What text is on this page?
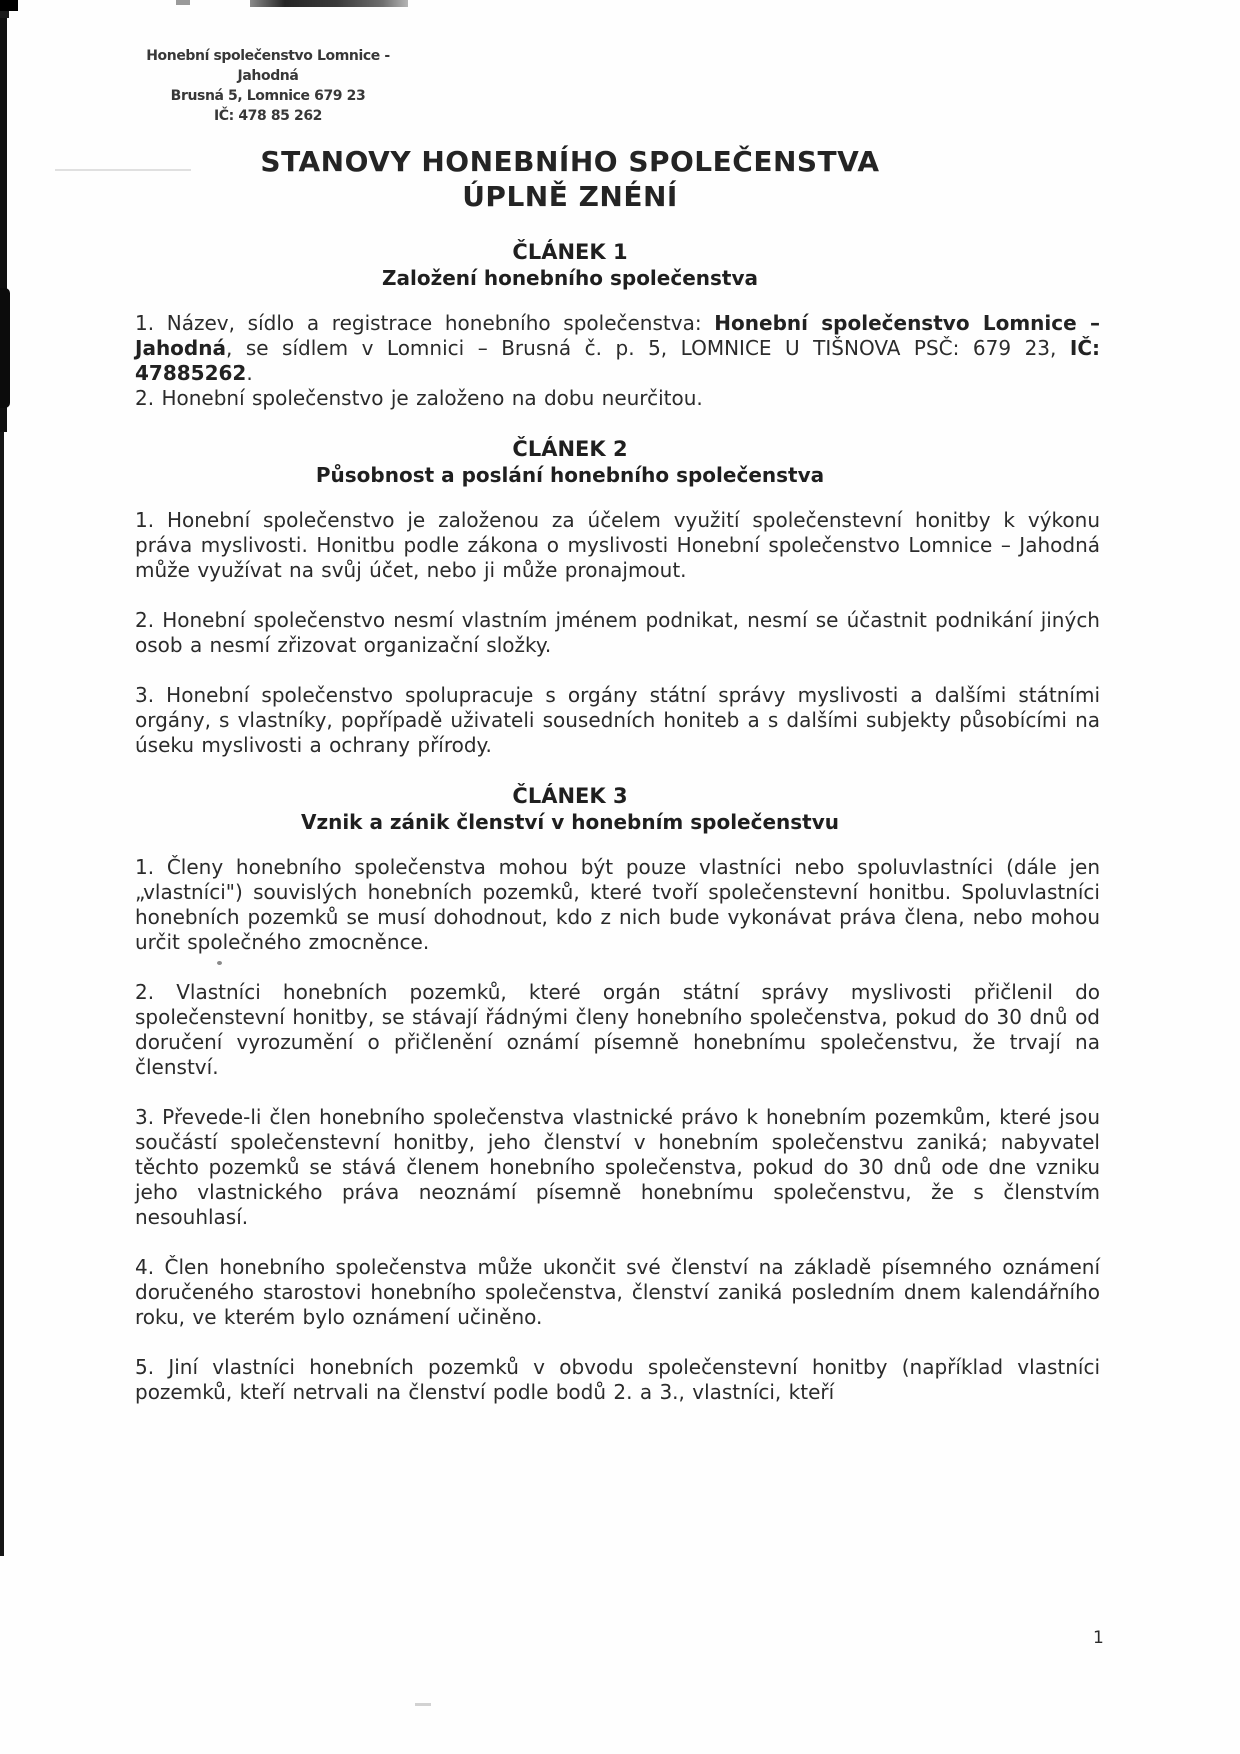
Honební společenstvo Lomnice - Jahodná
Brusná 5, Lomnice 679 23
IČ: 478 85 262
STANOVY HONEBNÍHO SPOLEČENSTVA
ÚPLNĚ ZNÉNÍ
ČLÁNEK 1
Založení honebního společenstva

1. Název, sídlo a registrace honebního společenstva: Honební společenstvo Lomnice – Jahodná, se sídlem v Lomnici – Brusná č. p. 5, LOMNICE U TIŠNOVA PSČ: 679 23, IČ: 47885262.

2. Honební společenstvo je založeno na dobu neurčitou.

ČLÁNEK 2
Působnost a poslání honebního společenstva

1. Honební společenstvo je založenou za účelem využití společenstevní honitby k výkonu práva myslivosti. Honitbu podle zákona o myslivosti Honební společenstvo Lomnice – Jahodná může využívat na svůj účet, nebo ji může pronajmout.

2. Honební společenstvo nesmí vlastním jménem podnikat, nesmí se účastnit podnikání jiných osob a nesmí zřizovat organizační složky.

3. Honební společenstvo spolupracuje s orgány státní správy myslivosti a dalšími státními orgány, s vlastníky, popřípadě uživateli sousedních honiteb a s dalšími subjekty působícími na úseku myslivosti a ochrany přírody.

ČLÁNEK 3
Vznik a zánik členství v honebním společenstvu

1. Členy honebního společenstva mohou být pouze vlastníci nebo spoluvlastníci (dále jen „vlastníci") souvislých honebních pozemků, které tvoří společenstevní honitbu. Spoluvlastníci honebních pozemků se musí dohodnout, kdo z nich bude vykonávat práva člena, nebo mohou určit společného zmocněnce.

2. Vlastníci honebních pozemků, které orgán státní správy myslivosti přičlenil do společenstevní honitby, se stávají řádnými členy honebního společenstva, pokud do 30 dnů od doručení vyrozumění o přičlenění oznámí písemně honebnímu společenstvu, že trvají na členství.

3. Převede-li člen honebního společenstva vlastnické právo k honebním pozemkům, které jsou součástí společenstevní honitby, jeho členství v honebním společenstvu zaniká; nabyvatel těchto pozemků se stává členem honebního společenstva, pokud do 30 dnů ode dne vzniku jeho vlastnického práva neoznámí písemně honebnímu společenstvu, že s členstvím nesouhlasí.

4. Člen honebního společenstva může ukončit své členství na základě písemného oznámení doručeného starostovi honebního společenstva, členství zaniká posledním dnem kalendářního roku, ve kterém bylo oznámení učiněno.

5. Jiní vlastníci honebních pozemků v obvodu společenstevní honitby (například vlastníci pozemků, kteří netrvali na členství podle bodů 2. a 3., vlastníci, kteří

1
